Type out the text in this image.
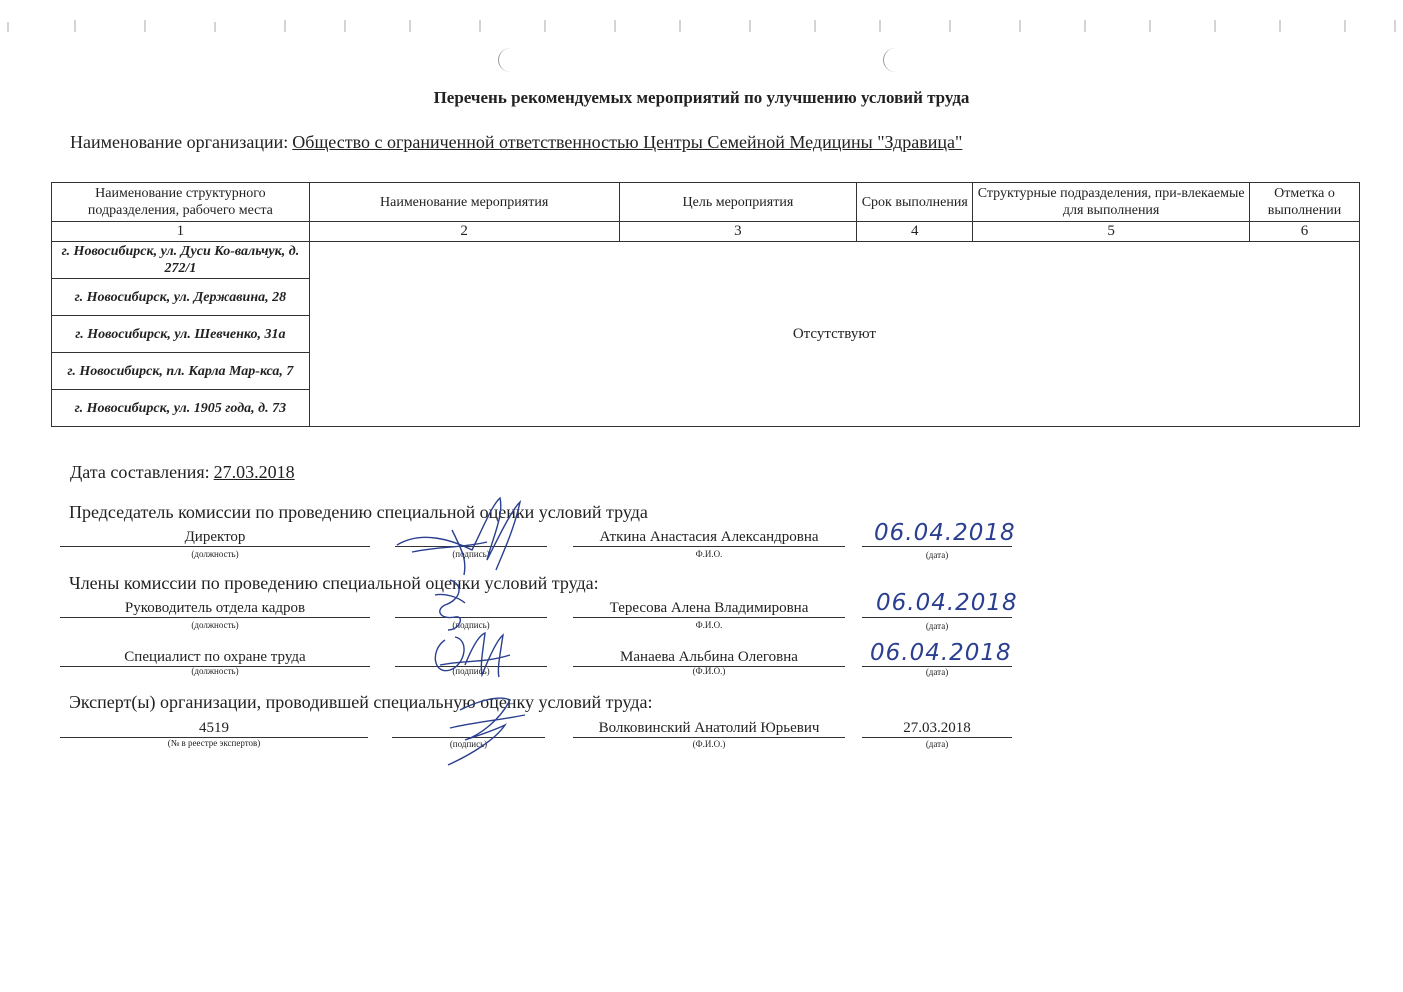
Перечень рекомендуемых мероприятий по улучшению условий труда
Наименование организации: Общество с ограниченной ответственностью Центры Семейной Медицины "Здравица"
Наименование структурного подразделения, рабочего места	Наименование мероприятия	Цель мероприятия	Срок выполнения	Структурные подразделения, при-влекаемые для выполнения	Отметка о выполнении
1	2	3	4	5	6
г. Новосибирск, ул. Дуси Ко-вальчук, д. 272/1	Отсутствуют				
г. Новосибирск, ул. Державина, 28					
г. Новосибирск, ул. Шевченко, 31а					
г. Новосибирск, пл. Карла Мар-кса, 7					
г. Новосибирск, ул. 1905 года, д. 73					
Дата составления: 27.03.2018
Председатель комиссии по проведению специальной оценки условий труда
Директор
(должность)	(подпись)
Аткина Анастасия Александровна
Ф.И.О.	(дата)
06.04.2018
Члены комиссии по проведению специальной оценки условий труда:
Руководитель отдела кадров
(должность)	(подпись)
Тересова Алена Владимировна
Ф.И.О.	(дата)
06.04.2018
Специалист по охране труда
(должность)	(подпись)
Манаева Альбина Олеговна
(Ф.И.О.)	(дата)
06.04.2018
Эксперт(ы) организации, проводившей специальную оценку условий труда:
4519
(№ в реестре экспертов)	(подпись)
Волковинский Анатолий Юрьевич
(Ф.И.О.)
27.03.2018
(дата)
